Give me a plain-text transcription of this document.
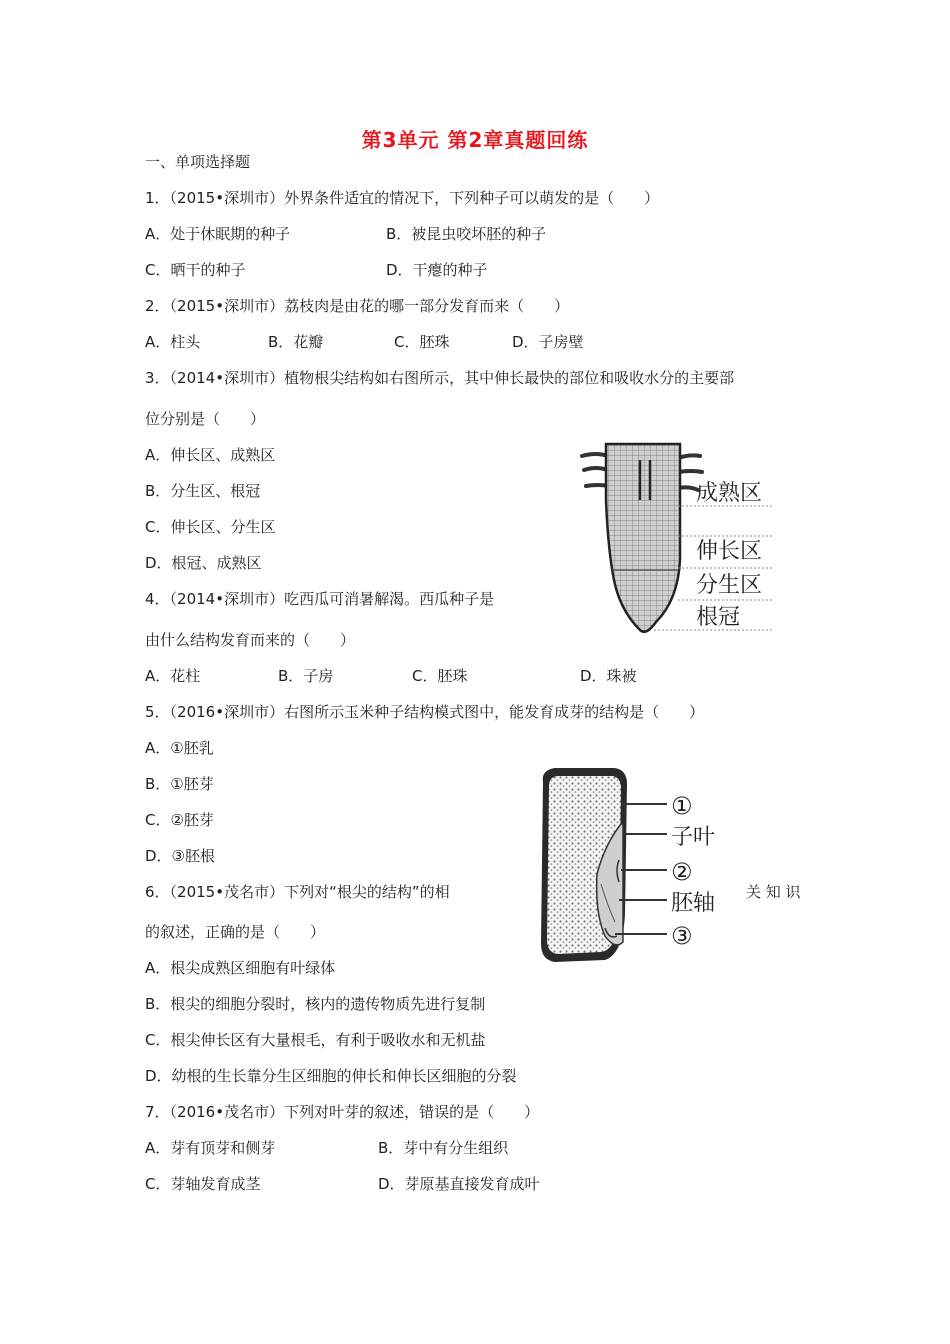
第3单元 第2章真题回练
一、单项选择题
1．（2015•深圳市）外界条件适宜的情况下，下列种子可以萌发的是（　　）
A．处于休眠期的种子	B．被昆虫咬坏胚的种子
C．晒干的种子	D．干瘪的种子
2．（2015•深圳市）荔枝肉是由花的哪一部分发育而来（　　）
A．柱头	B．花瓣	C．胚珠	D．子房壁
3．（2014•深圳市）植物根尖结构如右图所示，其中伸长最快的部位和吸收水分的主要部
位分别是（　　）
A．伸长区、成熟区
B．分生区、根冠
C．伸长区、分生区
D．根冠、成熟区
成熟区
伸长区
分生区
根冠
4．（2014•深圳市）吃西瓜可消暑解渴。西瓜种子是
由什么结构发育而来的（　　）
A．花柱	B．子房	C．胚珠	D．珠被
5．（2016•深圳市）右图所示玉米种子结构模式图中，能发育成芽的结构是（　　）
A．①胚乳
B．①胚芽
C．②胚芽
D．③胚根
①
子叶
②
胚轴
③
6．（2015•茂名市）下列对“根尖的结构”的相	关 知 识
的叙述，正确的是（　　）
A．根尖成熟区细胞有叶绿体
B．根尖的细胞分裂时，核内的遗传物质先进行复制
C．根尖伸长区有大量根毛，有利于吸收水和无机盐
D．幼根的生长靠分生区细胞的伸长和伸长区细胞的分裂
7．（2016•茂名市）下列对叶芽的叙述，错误的是（　　）
A．芽有顶芽和侧芽	B．芽中有分生组织
C．芽轴发育成茎	D．芽原基直接发育成叶
